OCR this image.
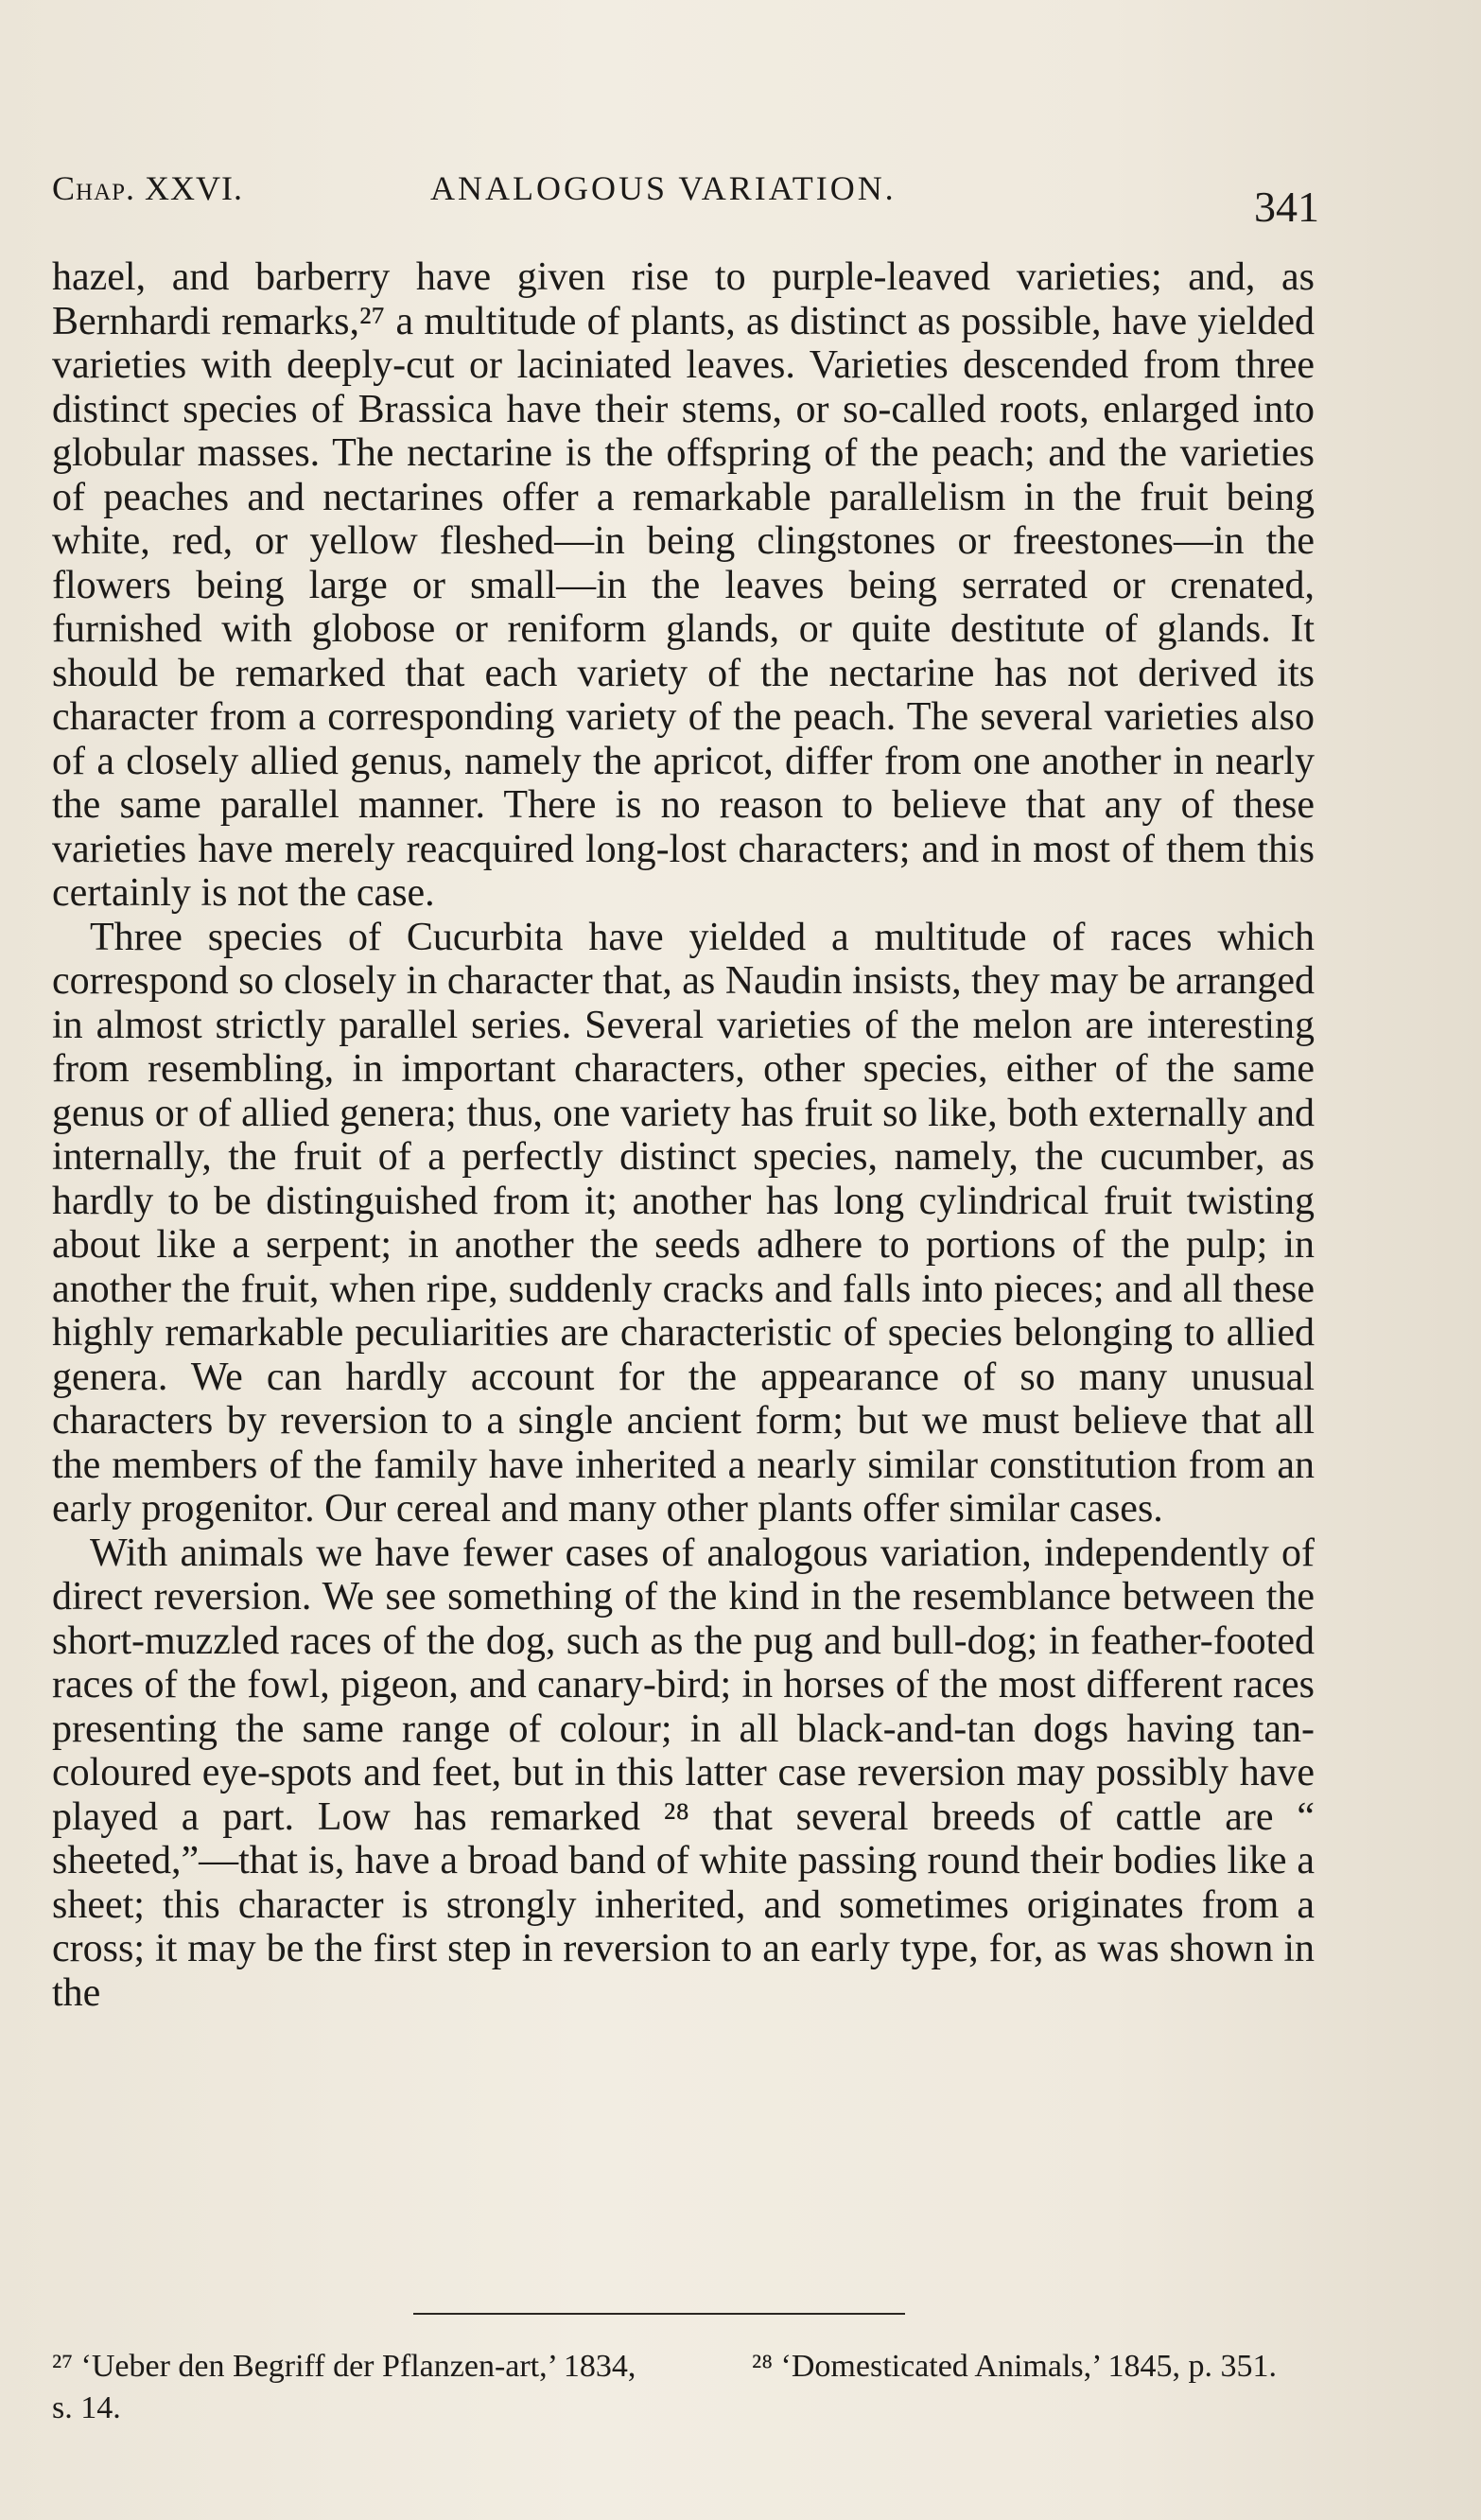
Chap. XXVI.	ANALOGOUS VARIATION.	341

hazel, and barberry have given rise to purple-leaved varieties; and, as Bernhardi remarks,²⁷ a multitude of plants, as distinct as possible, have yielded varieties with deeply-cut or laciniated leaves. Varieties descended from three distinct species of Brassica have their stems, or so-called roots, enlarged into globular masses. The nectarine is the offspring of the peach; and the varieties of peaches and nectarines offer a remarkable parallelism in the fruit being white, red, or yellow fleshed—in being clingstones or freestones—in the flowers being large or small—in the leaves being serrated or crenated, furnished with globose or reniform glands, or quite destitute of glands. It should be remarked that each variety of the nectarine has not derived its character from a corresponding variety of the peach. The several varieties also of a closely allied genus, namely the apricot, differ from one another in nearly the same parallel manner. There is no reason to believe that any of these varieties have merely reacquired long-lost characters; and in most of them this certainly is not the case.

Three species of Cucurbita have yielded a multitude of races which correspond so closely in character that, as Naudin insists, they may be arranged in almost strictly parallel series. Several varieties of the melon are interesting from resembling, in important characters, other species, either of the same genus or of allied genera; thus, one variety has fruit so like, both externally and internally, the fruit of a perfectly distinct species, namely, the cucumber, as hardly to be distinguished from it; another has long cylindrical fruit twisting about like a serpent; in another the seeds adhere to portions of the pulp; in another the fruit, when ripe, suddenly cracks and falls into pieces; and all these highly remarkable peculiarities are characteristic of species belonging to allied genera. We can hardly account for the appearance of so many unusual characters by reversion to a single ancient form; but we must believe that all the members of the family have inherited a nearly similar constitution from an early progenitor. Our cereal and many other plants offer similar cases.

With animals we have fewer cases of analogous variation, independently of direct reversion. We see something of the kind in the resemblance between the short-muzzled races of the dog, such as the pug and bull-dog; in feather-footed races of the fowl, pigeon, and canary-bird; in horses of the most different races presenting the same range of colour; in all black-and-tan dogs having tan-coloured eye-spots and feet, but in this latter case reversion may possibly have played a part. Low has remarked ²⁸ that several breeds of cattle are “ sheeted,”—that is, have a broad band of white passing round their bodies like a sheet; this character is strongly inherited, and sometimes originates from a cross; it may be the first step in reversion to an early type, for, as was shown in the

²⁷ ‘Ueber den Begriff der Pflanzen-art,’ 1834, s. 14.
²⁸ ‘Domesticated Animals,’ 1845, p. 351.
